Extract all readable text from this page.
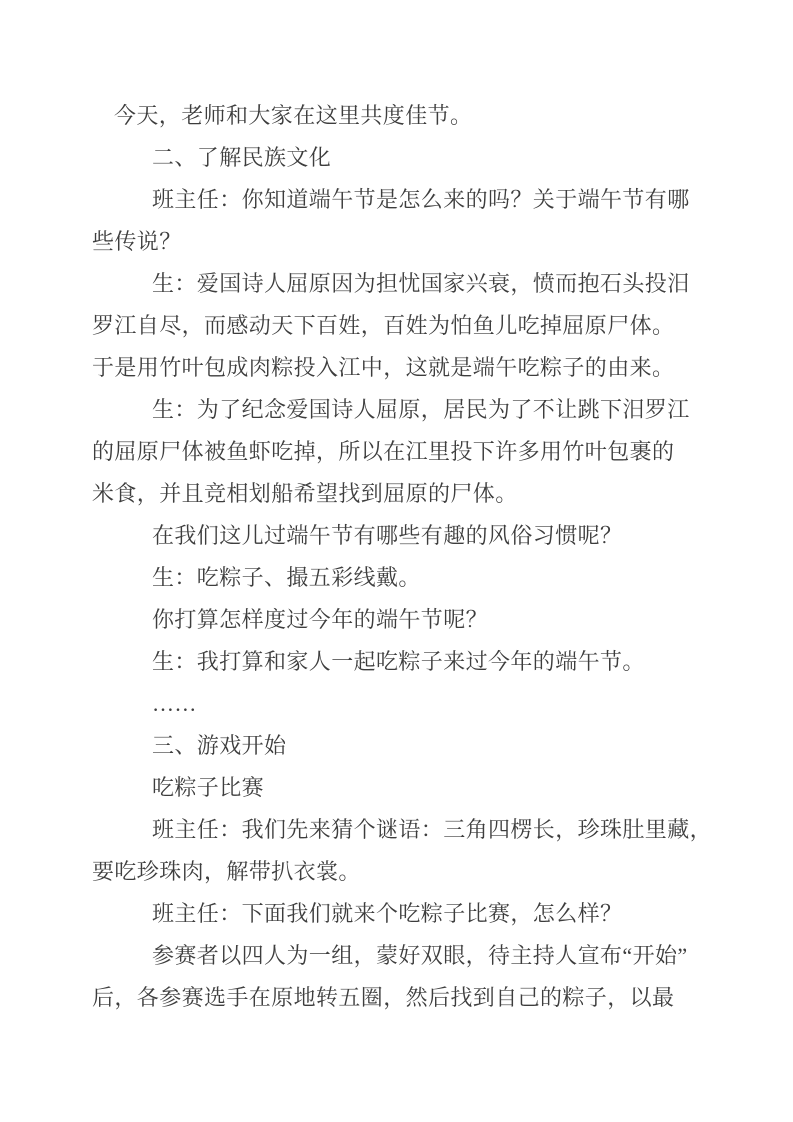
今天，老师和大家在这里共度佳节。
二、了解民族文化
班主任：你知道端午节是怎么来的吗？关于端午节有哪
些传说？
生：爱国诗人屈原因为担忧国家兴衰，愤而抱石头投汨
罗江自尽，而感动天下百姓，百姓为怕鱼儿吃掉屈原尸体。
于是用竹叶包成肉粽投入江中，这就是端午吃粽子的由来。
生：为了纪念爱国诗人屈原，居民为了不让跳下汨罗江
的屈原尸体被鱼虾吃掉，所以在江里投下许多用竹叶包裹的
米食，并且竞相划船希望找到屈原的尸体。
在我们这儿过端午节有哪些有趣的风俗习惯呢？
生：吃粽子、撮五彩线戴。
你打算怎样度过今年的端午节呢？
生：我打算和家人一起吃粽子来过今年的端午节。
……
三、游戏开始
吃粽子比赛
班主任：我们先来猜个谜语：三角四楞长，珍珠肚里藏，
要吃珍珠肉，解带扒衣裳。
班主任：下面我们就来个吃粽子比赛，怎么样？
参赛者以四人为一组，蒙好双眼，待主持人宣布“开始”
后，各参赛选手在原地转五圈，然后找到自己的粽子，以最
